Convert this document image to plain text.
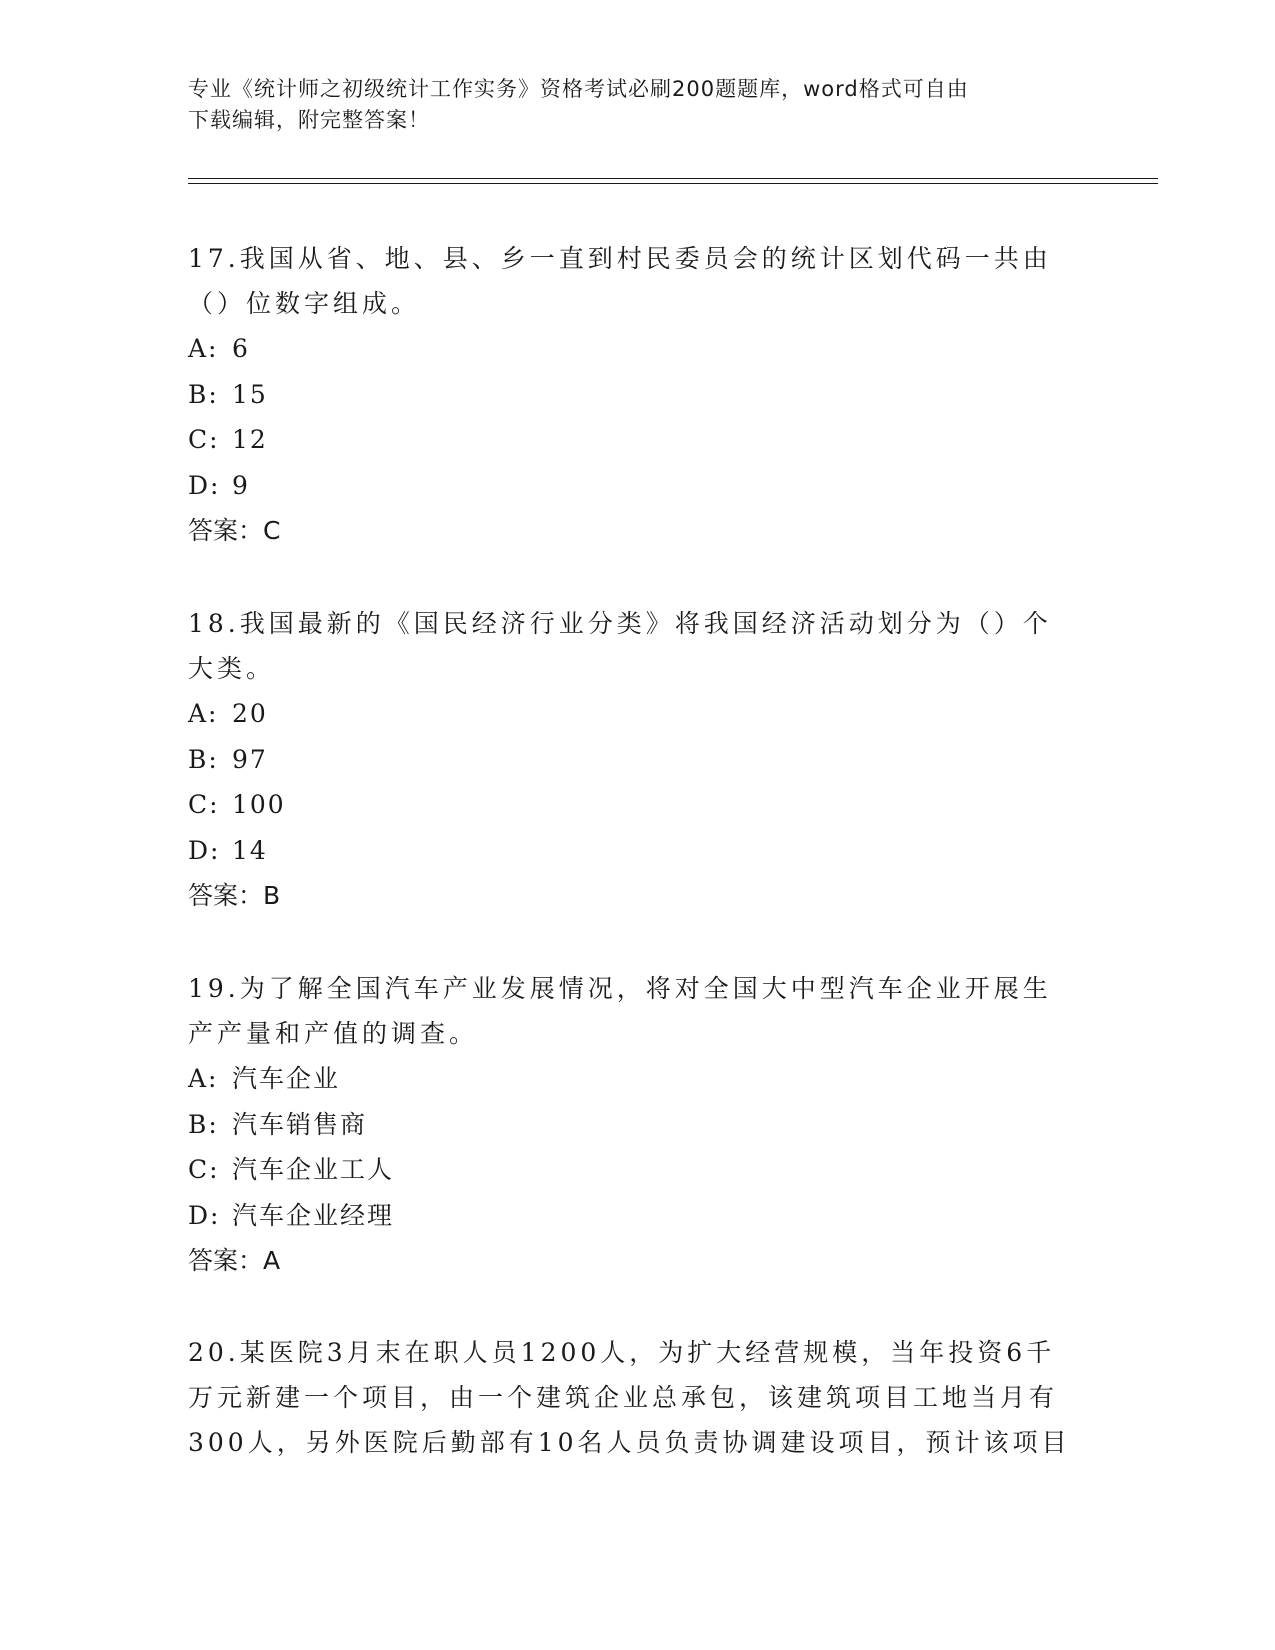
专业《统计师之初级统计工作实务》资格考试必刷200题题库，word格式可自由
下载编辑，附完整答案！

17.我国从省、地、县、乡一直到村民委员会的统计区划代码一共由（）位数字组成。

A: 6

B: 15

C: 12

D: 9

答案：C

18.我国最新的《国民经济行业分类》将我国经济活动划分为（）个大类。

A: 20

B: 97

C: 100

D: 14

答案：B

19.为了解全国汽车产业发展情况，将对全国大中型汽车企业开展生产产量和产值的调查。

A: 汽车企业

B: 汽车销售商

C: 汽车企业工人

D: 汽车企业经理

答案：A

20.某医院3月末在职人员1200人，为扩大经营规模，当年投资6千万元新建一个项目，由一个建筑企业总承包，该建筑项目工地当月有300人，另外医院后勤部有10名人员负责协调建设项目，预计该项目
